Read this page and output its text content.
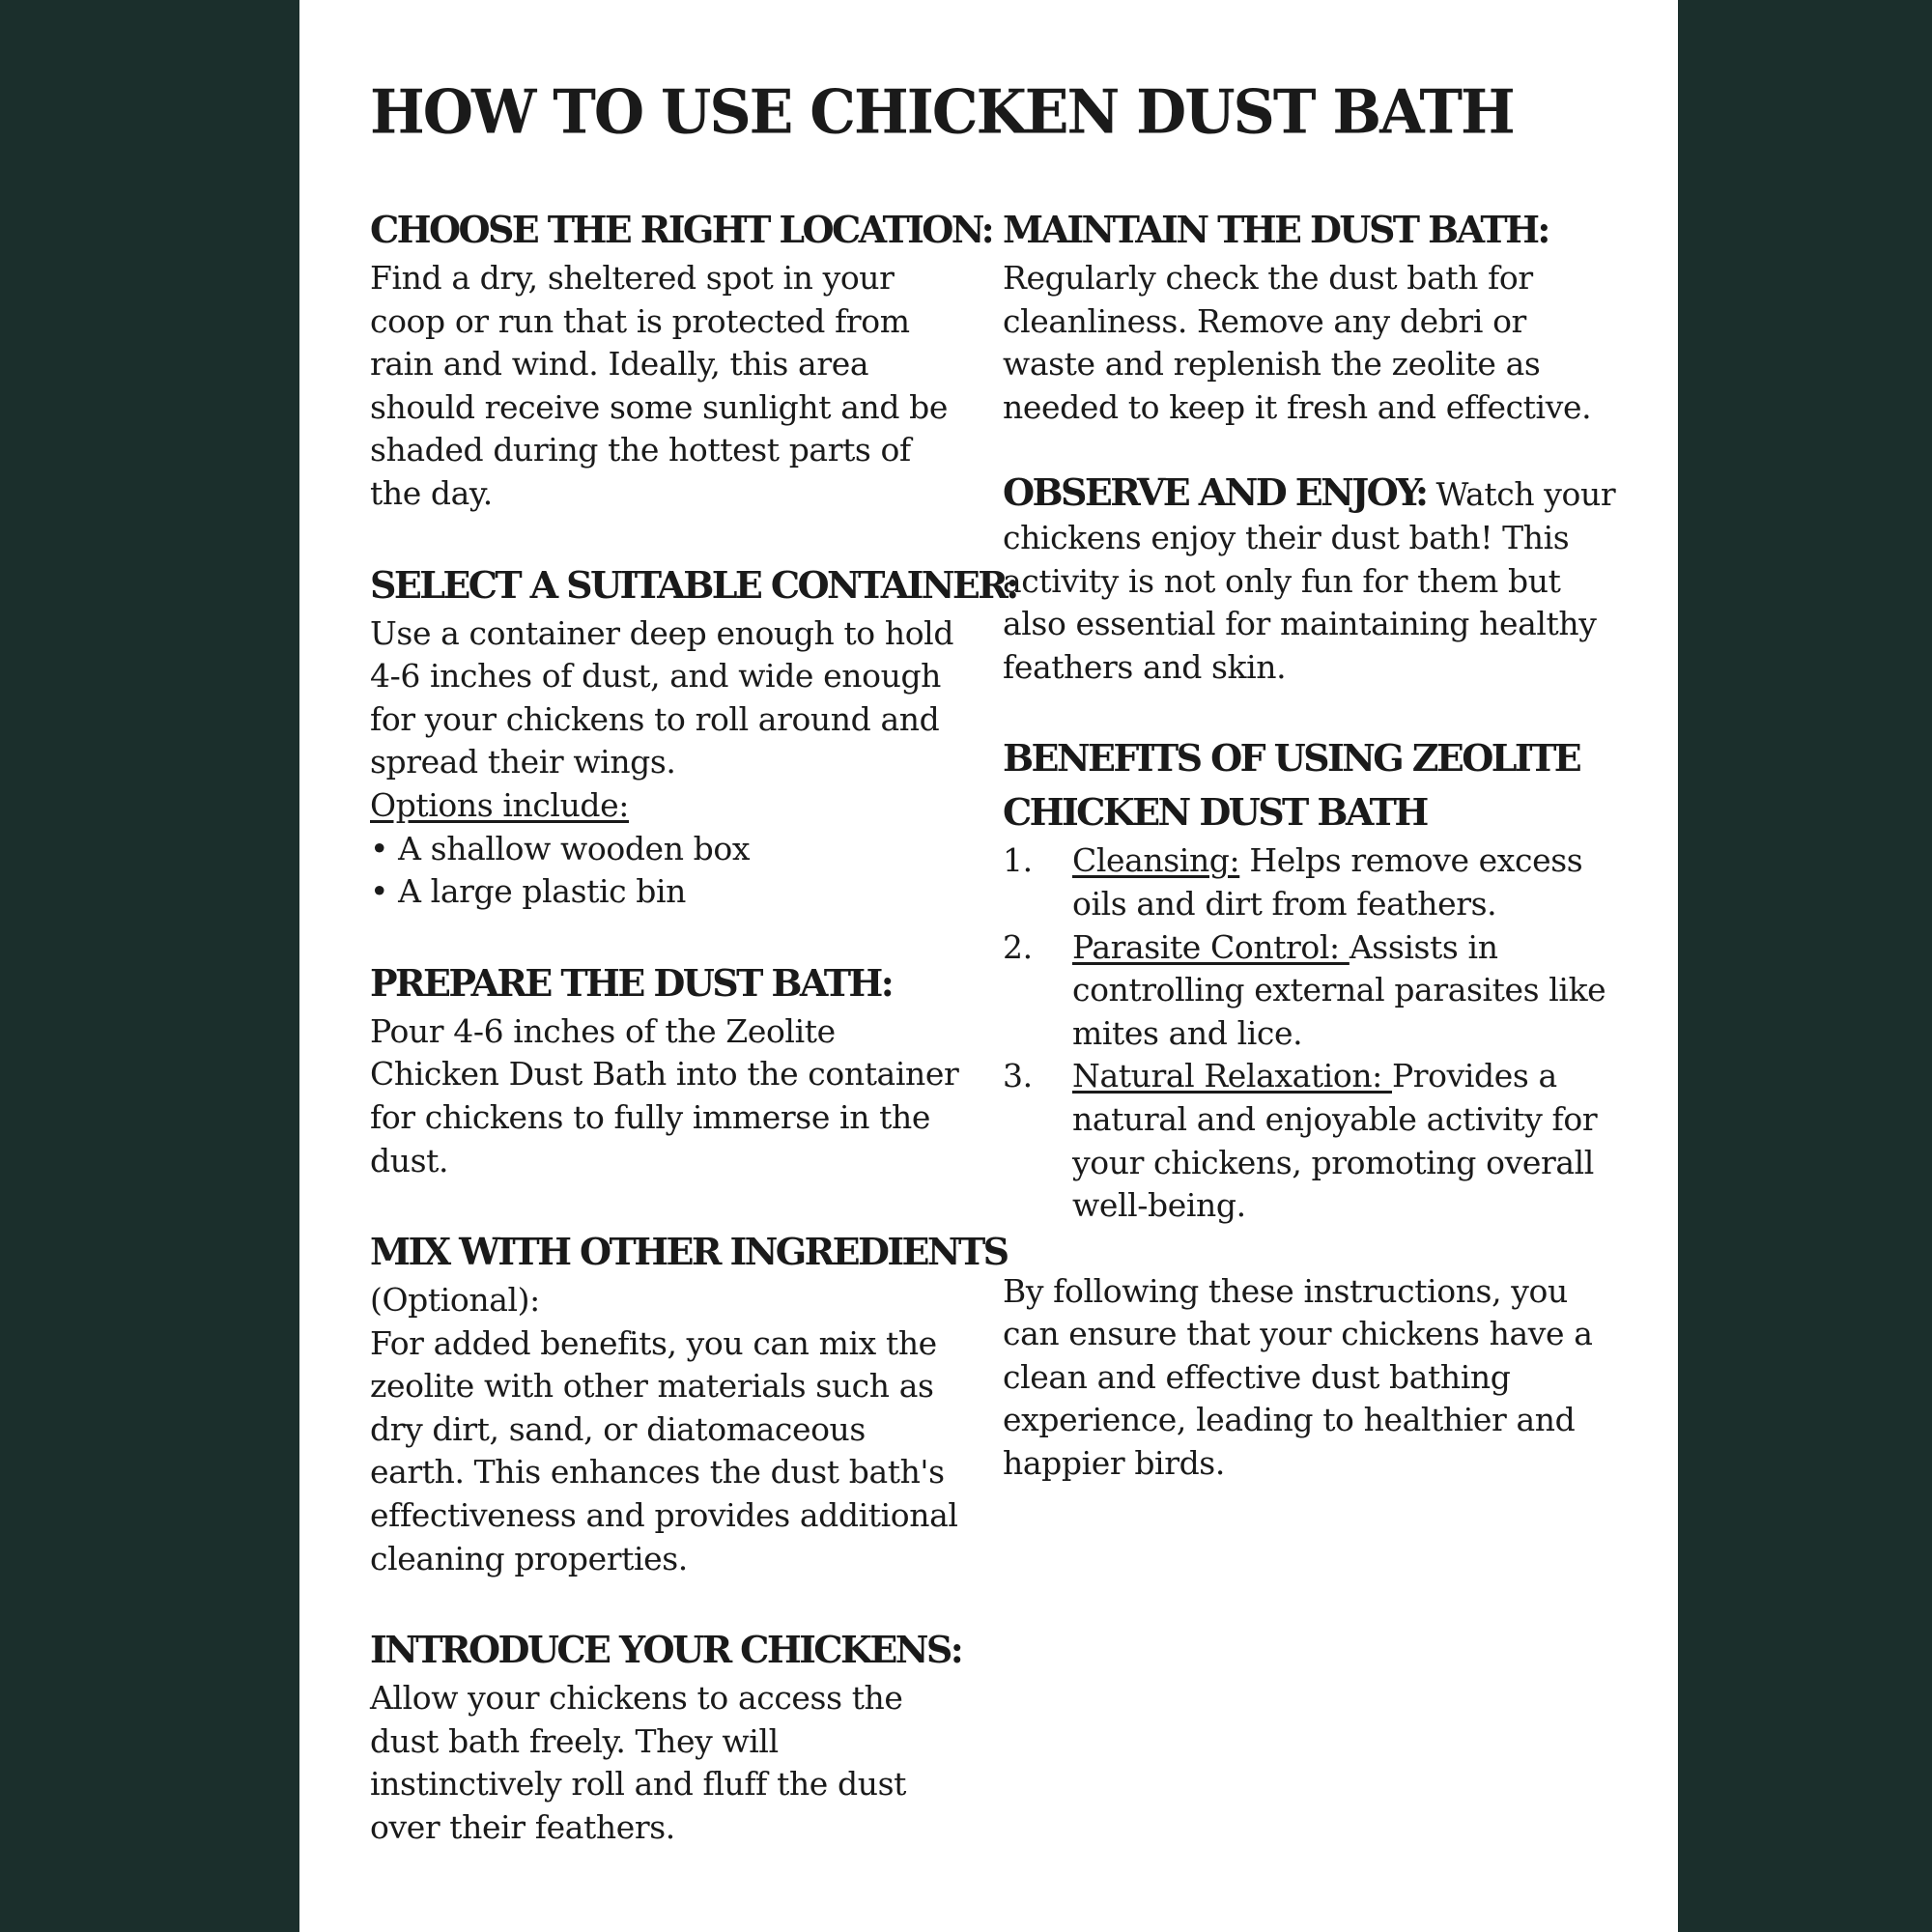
HOW TO USE CHICKEN DUST BATH
CHOOSE THE RIGHT LOCATION:

Find a dry, sheltered spot in your coop or run that is protected from rain and wind. Ideally, this area should receive some sunlight and be shaded during the hottest parts of the day.

SELECT A SUITABLE CONTAINER:

Use a container deep enough to hold 4-6 inches of dust, and wide enough for your chickens to roll around and spread their wings.

Options include:

• A shallow wooden box
• A large plastic bin
PREPARE THE DUST BATH:

Pour 4-6 inches of the Zeolite Chicken Dust Bath into the container for chickens to fully immerse in the dust.

MIX WITH OTHER INGREDIENTS

(Optional):

For added benefits, you can mix the zeolite with other materials such as dry dirt, sand, or diatomaceous earth. This enhances the dust bath's effectiveness and provides additional cleaning properties.

INTRODUCE YOUR CHICKENS:

Allow your chickens to access the dust bath freely. They will instinctively roll and fluff the dust over their feathers.

MAINTAIN THE DUST BATH:

Regularly check the dust bath for cleanliness. Remove any debri or waste and replenish the zeolite as needed to keep it fresh and effective.

OBSERVE AND ENJOY: Watch your chickens enjoy their dust bath! This activity is not only fun for them but also essential for maintaining healthy feathers and skin.

BENEFITS OF USING ZEOLITE CHICKEN DUST BATH
1. Cleansing: Helps remove excess oils and dirt from feathers.
2. Parasite Control: Assists in controlling external parasites like mites and lice.
3. Natural Relaxation: Provides a natural and enjoyable activity for your chickens, promoting overall well-being.

By following these instructions, you can ensure that your chickens have a clean and effective dust bathing experience, leading to healthier and happier birds.
